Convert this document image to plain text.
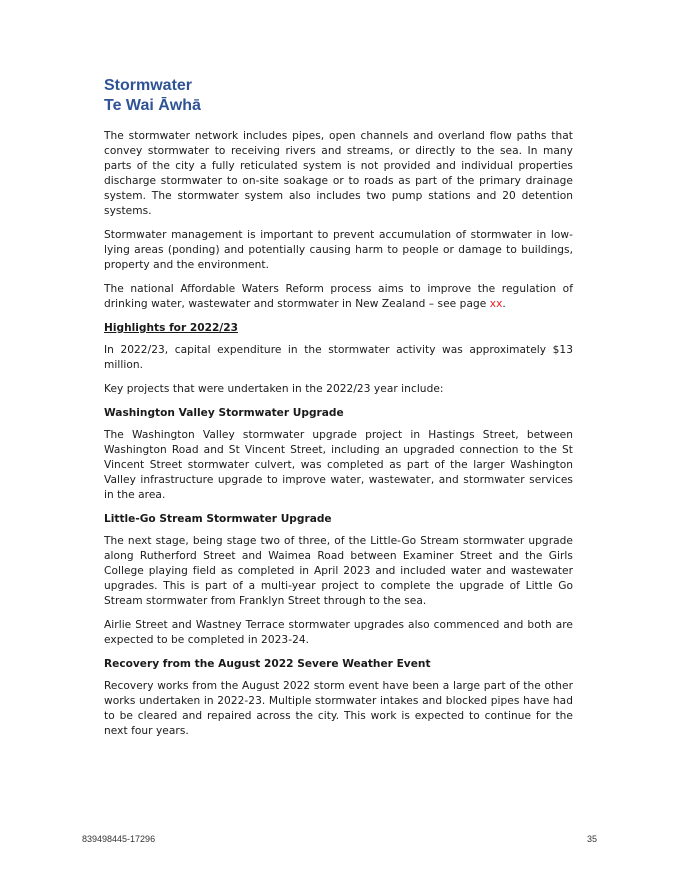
Stormwater
Te Wai Āwhā

The stormwater network includes pipes, open channels and overland flow paths that convey stormwater to receiving rivers and streams, or directly to the sea. In many parts of the city a fully reticulated system is not provided and individual properties discharge stormwater to on-site soakage or to roads as part of the primary drainage system. The stormwater system also includes two pump stations and 20 detention systems.

Stormwater management is important to prevent accumulation of stormwater in low-lying areas (ponding) and potentially causing harm to people or damage to buildings, property and the environment.

The national Affordable Waters Reform process aims to improve the regulation of drinking water, wastewater and stormwater in New Zealand – see page xx.

Highlights for 2022/23

In 2022/23, capital expenditure in the stormwater activity was approximately $13 million.

Key projects that were undertaken in the 2022/23 year include:

Washington Valley Stormwater Upgrade

The Washington Valley stormwater upgrade project in Hastings Street, between Washington Road and St Vincent Street, including an upgraded connection to the St Vincent Street stormwater culvert, was completed as part of the larger Washington Valley infrastructure upgrade to improve water, wastewater, and stormwater services in the area.

Little-Go Stream Stormwater Upgrade

The next stage, being stage two of three, of the Little-Go Stream stormwater upgrade along Rutherford Street and Waimea Road between Examiner Street and the Girls College playing field as completed in April 2023 and included water and wastewater upgrades. This is part of a multi-year project to complete the upgrade of Little Go Stream stormwater from Franklyn Street through to the sea.

Airlie Street and Wastney Terrace stormwater upgrades also commenced and both are expected to be completed in 2023-24.

Recovery from the August 2022 Severe Weather Event

Recovery works from the August 2022 storm event have been a large part of the other works undertaken in 2022-23. Multiple stormwater intakes and blocked pipes have had to be cleared and repaired across the city. This work is expected to continue for the next four years.

839498445-17296	35
